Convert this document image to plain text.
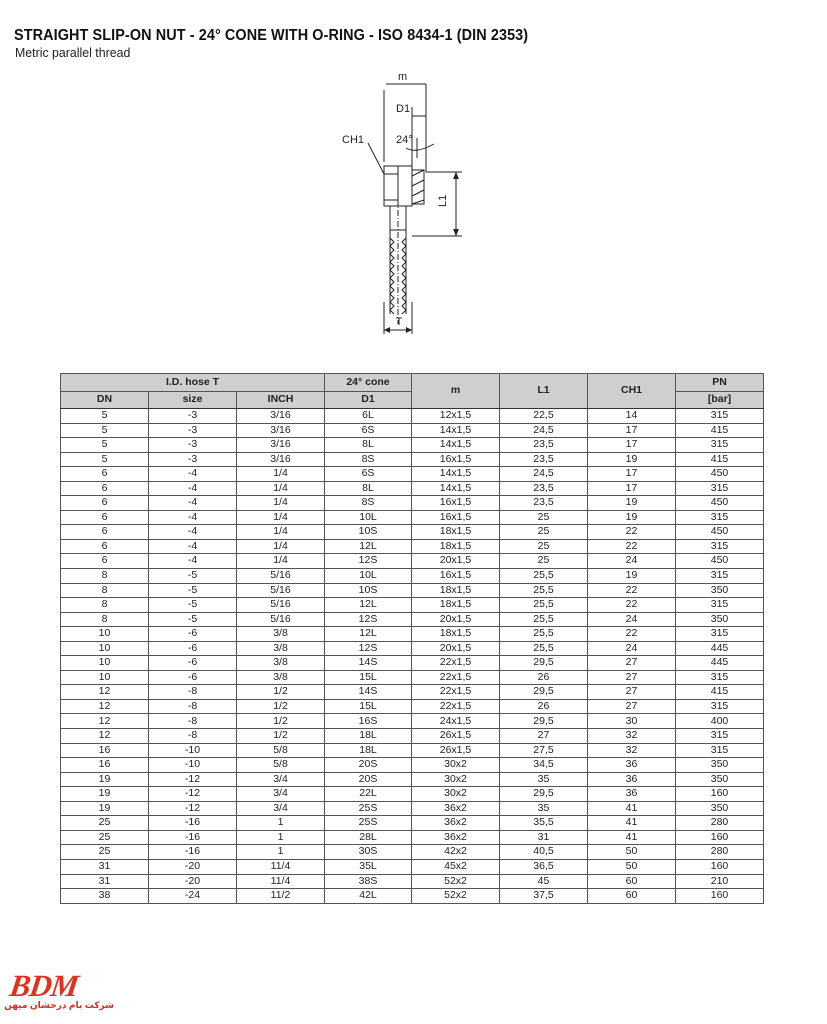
STRAIGHT SLIP-ON NUT - 24° CONE WITH O-RING - ISO 8434-1 (DIN 2353)
Metric parallel thread
m
D1
CH1	24°
L1
T
I.D. hose T			24° cone	m	L1	CH1	PN
DN	size	INCH	D1				[bar]
5	-3	3/16	6L	12x1,5	22,5	14	315
5	-3	3/16	6S	14x1,5	24,5	17	415
5	-3	3/16	8L	14x1,5	23,5	17	315
5	-3	3/16	8S	16x1,5	23,5	19	415
6	-4	1/4	6S	14x1,5	24,5	17	450
6	-4	1/4	8L	14x1,5	23,5	17	315
6	-4	1/4	8S	16x1,5	23,5	19	450
6	-4	1/4	10L	16x1,5	25	19	315
6	-4	1/4	10S	18x1,5	25	22	450
6	-4	1/4	12L	18x1,5	25	22	315
6	-4	1/4	12S	20x1,5	25	24	450
8	-5	5/16	10L	16x1,5	25,5	19	315
8	-5	5/16	10S	18x1,5	25,5	22	350
8	-5	5/16	12L	18x1,5	25,5	22	315
8	-5	5/16	12S	20x1,5	25,5	24	350
10	-6	3/8	12L	18x1,5	25,5	22	315
10	-6	3/8	12S	20x1,5	25,5	24	445
10	-6	3/8	14S	22x1,5	29,5	27	445
10	-6	3/8	15L	22x1,5	26	27	315
12	-8	1/2	14S	22x1,5	29,5	27	415
12	-8	1/2	15L	22x1,5	26	27	315
12	-8	1/2	16S	24x1,5	29,5	30	400
12	-8	1/2	18L	26x1,5	27	32	315
16	-10	5/8	18L	26x1,5	27,5	32	315
16	-10	5/8	20S	30x2	34,5	36	350
19	-12	3/4	20S	30x2	35	36	350
19	-12	3/4	22L	30x2	29,5	36	160
19	-12	3/4	25S	36x2	35	41	350
25	-16	1	25S	36x2	35,5	41	280
25	-16	1	28L	36x2	31	41	160
25	-16	1	30S	42x2	40,5	50	280
31	-20	11/4	35L	45x2	36,5	50	160
31	-20	11/4	38S	52x2	45	60	210
38	-24	11/2	42L	52x2	37,5	60	160
BDM
شرکت بام درخشان میهن
